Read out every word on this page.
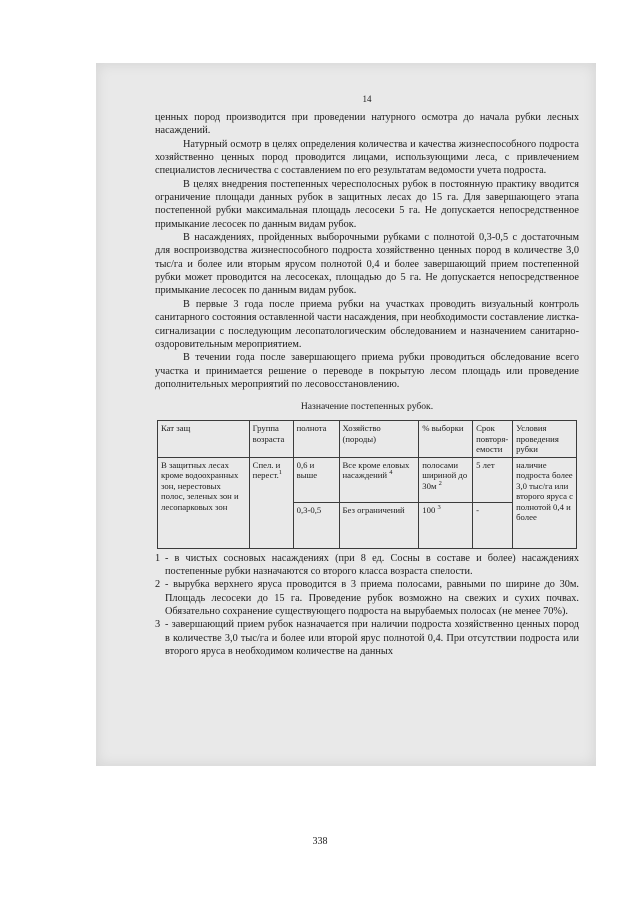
14

ценных пород производится при проведении натурного осмотра до начала рубки лесных насаждений.

Натурный осмотр в целях определения количества и качества жизнеспособного подроста хозяйственно ценных пород проводится лицами, использующими леса, с привлечением специалистов лесничества с составлением по его результатам ведомости учета подроста.

В целях внедрения постепенных чересполосных рубок в постоянную практику вводится ограничение площади данных рубок в защитных лесах до 15 га. Для завершающего этапа постепенной рубки максимальная площадь лесосеки 5 га. Не допускается непосредственное примыкание лесосек по данным видам рубок.

В насаждениях, пройденных выборочными рубками с полнотой 0,3-0,5 с достаточным для воспроизводства жизнеспособного подроста хозяйственно ценных пород в количестве 3,0 тыс/га и более или вторым ярусом полнотой 0,4 и более завершающий прием постепенной рубки может проводится на лесосеках, площадью до 5 га. Не допускается непосредственное примыкание лесосек по данным видам рубок.

В первые 3 года после приема рубки на участках проводить визуальный контроль санитарного состояния оставленной части насаждения, при необходимости составление листка-сигнализации с последующим лесопатологическим обследованием и назначением санитарно-оздоровительным мероприятием.

В течении года после завершающего приема рубки проводиться обследование всего участка и принимается решение о переводе в покрытую лесом площадь или проведение дополнительных мероприятий по лесовосстановлению.

Назначение постепенных рубок.
Кат защ	Группа возраста	полнота	Хозяйство (породы)	% выборки	Срок повторя-емости	Условия проведения рубки
В защитных лесах кроме водоохранных зон, нерестовых полос, зеленых зон и лесопарковых зон	Спел. и перест.$^1$	0,6 и выше	Все кроме еловых насаждений $^4$	полосами шириной до 30м $^2$	5 лет	наличие подроста более 3,0 тыс/га или второго яруса с полнотой 0,4 и более
		0,3-0,5	Без ограничений	100 $^3$	-	
1 - в чистых сосновых насаждениях (при 8 ед. Сосны в составе и более) насаждениях постепенные рубки назначаются со второго класса возраста спелости.
2 - вырубка верхнего яруса проводится в 3 приема полосами, равными по ширине до 30м. Площадь лесосеки до 15 га. Проведение рубок возможно на свежих и сухих почвах. Обязательно сохранение существующего подроста на вырубаемых полосах (не менее 70%).
3 - завершающий прием рубок назначается при наличии подроста хозяйственно ценных пород в количестве 3,0 тыс/га и более или второй ярус полнотой 0,4. При отсутствии подроста или второго яруса в необходимом количестве на данных
338
